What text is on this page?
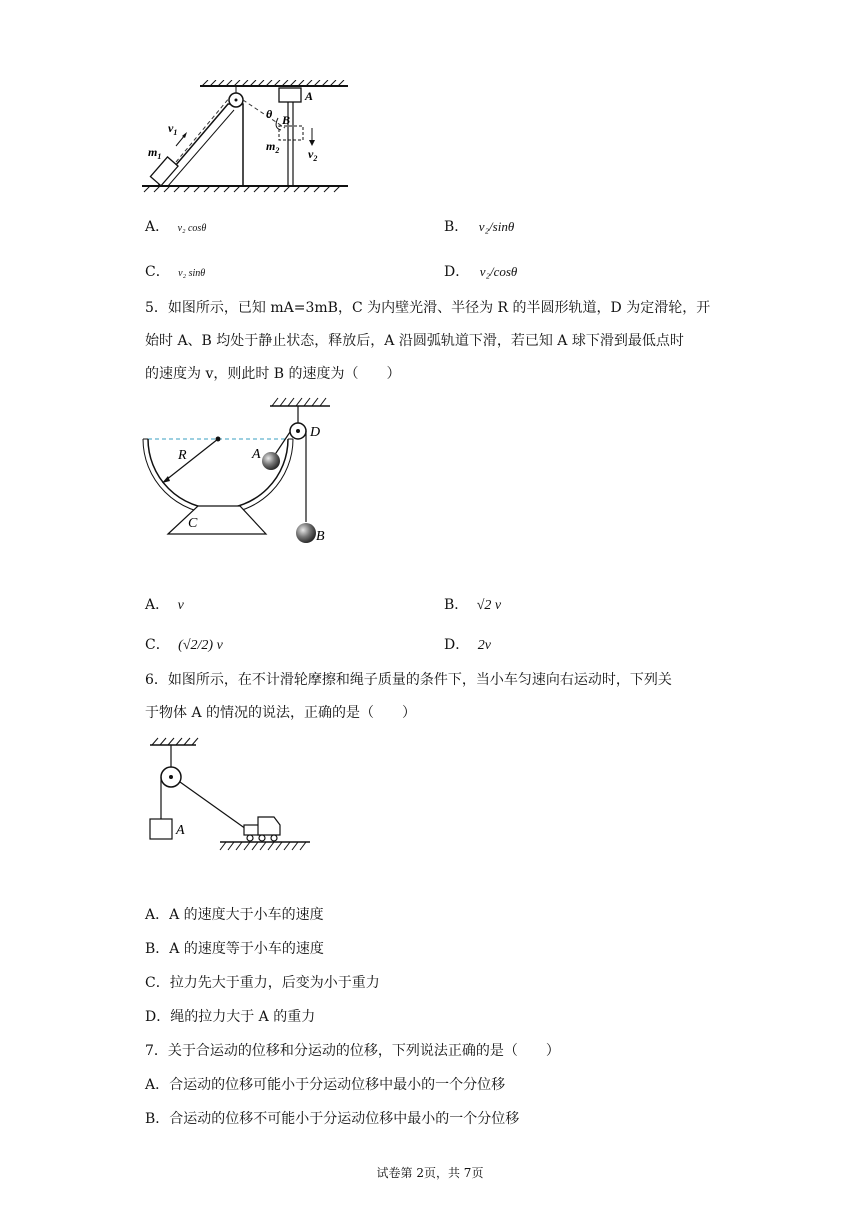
A
B
θ
$v_1$
$m_1$
$m_2$ $v_2$
A． v₂ cosθ	B． v₂/sinθ
C． v₂ sinθ	D． v₂/cosθ
5．如图所示，已知 mA=3mB，C 为内壁光滑、半径为 R 的半圆形轨道，D 为定滑轮，开
始时 A、B 均处于静止状态，释放后，A 沿圆弧轨道下滑，若已知 A 球下滑到最低点时
的速度为 v，则此时 B 的速度为（　　）
R	A
D
B
C
A． v	B． √2 v
C． (√2/2) v	D． 2v
6．如图所示，在不计滑轮摩擦和绳子质量的条件下，当小车匀速向右运动时，下列关
于物体 A 的情况的说法，正确的是（　　）
A
A．A 的速度大于小车的速度
B．A 的速度等于小车的速度
C．拉力先大于重力，后变为小于重力
D．绳的拉力大于 A 的重力
7．关于合运动的位移和分运动的位移，下列说法正确的是（　　）
A．合运动的位移可能小于分运动位移中最小的一个分位移
B．合运动的位移不可能小于分运动位移中最小的一个分位移
试卷第 2页，共 7页
